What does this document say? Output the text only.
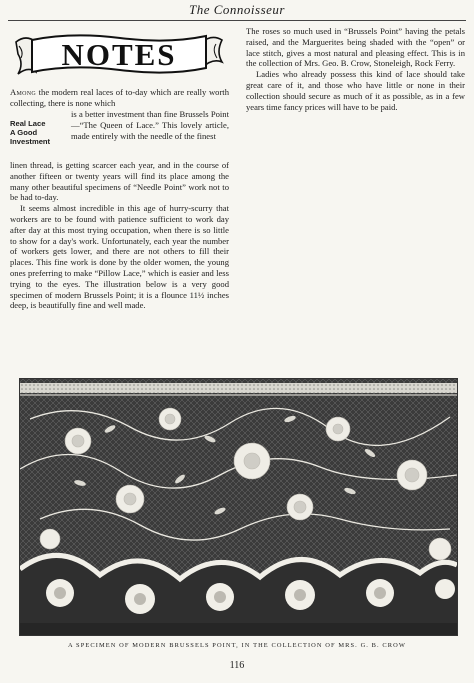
The Connoisseur
NOTES

Among the modern real laces of to-day which are really worth collecting, there is none which

Real Lace
A Good
Investment
is a better investment than fine Brussels Point—“The Queen of Lace.” This lovely article, made entirely with the needle of the finest

linen thread, is getting scarcer each year, and in the course of another fifteen or twenty years will find its place among the many other beautiful specimens of “Needle Point” work not to be had to-day.

It seems almost incredible in this age of hurry-scurry that workers are to be found with patience sufficient to work day after day at this most trying occupation, when there is so little to show for a day's work. Unfortunately, each year the number of workers gets lower, and there are not others to fill their places. This fine work is done by the older women, the young ones preferring to make “Pillow Lace,” which is easier and less trying to the eyes. The illustration below is a very good specimen of modern Brussels Point; it is a flounce 11½ inches deep, is beautifully fine and well made.

The roses so much used in “Brussels Point” having the petals raised, and the Marguerites being shaded with the “open” or lace stitch, gives a most natural and pleasing effect. This is in the collection of Mrs. Geo. B. Crow, Stoneleigh, Rock Ferry.

Ladies who already possess this kind of lace should take great care of it, and those who have little or none in their collection should secure as much of it as possible, as in a few years time fancy prices will have to be paid.

A SPECIMEN OF MODERN BRUSSELS POINT, IN THE COLLECTION OF MRS. G. B. CROW
116
